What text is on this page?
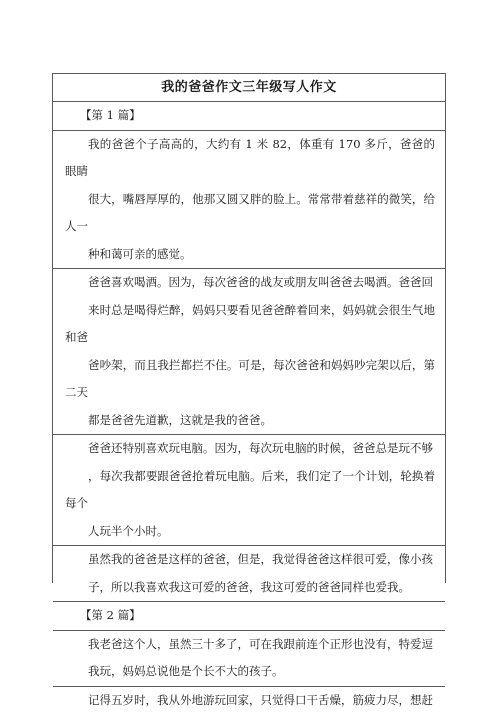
我的爸爸作文三年级写人作文
【第 1 篇】
我的爸爸个子高高的，大约有 1 米 82，体重有 170 多斤，爸爸的眼睛
很大，嘴唇厚厚的，他那又圆又胖的脸上。常常带着慈祥的微笑，给人一
种和蔼可亲的感觉。
爸爸喜欢喝酒。因为，每次爸爸的战友或朋友叫爸爸去喝酒。爸爸回
来时总是喝得烂醉，妈妈只要看见爸爸醉着回来，妈妈就会很生气地和爸
爸吵架，而且我拦都拦不住。可是，每次爸爸和妈妈吵完架以后，第二天
都是爸爸先道歉，这就是我的爸爸。
爸爸还特别喜欢玩电脑。因为，每次玩电脑的时候，爸爸总是玩不够
，每次我都要跟爸爸抢着玩电脑。后来，我们定了一个计划，轮换着每个
人玩半个小时。
虽然我的爸爸是这样的爸爸，但是，我觉得爸爸这样很可爱，像小孩
子，所以我喜欢我这可爱的爸爸，我这可爱的爸爸同样也爱我。
【第 2 篇】
我老爸这个人，虽然三十多了，可在我跟前连个正形也没有，特爱逗
我玩，妈妈总说他是个长不大的孩子。
记得五岁时，我从外地游玩回家，只觉得口干舌燥，筋疲力尽，想赶
